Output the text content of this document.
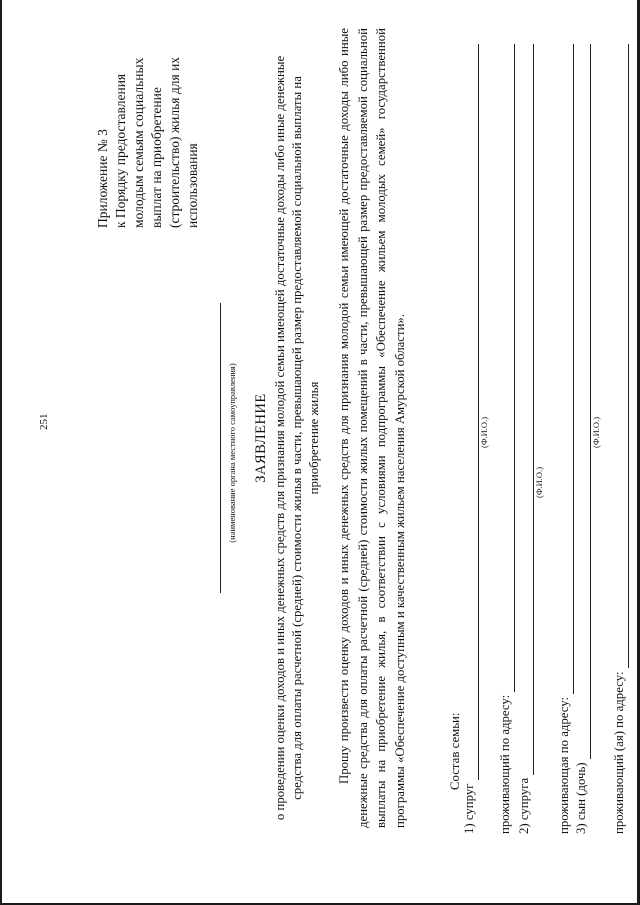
251
Приложение № 3 к Порядку предоставления молодым семьям социальных выплат на приобретение (строительство) жилья для их использования
(наименование органа местного самоуправления)	ЗАЯВЛЕНИЕ о проведении оценки доходов и иных денежных средств для признания молодой семьи имеющей достаточные доходы либо иные денежные средства для оплаты расчетной (средней) стоимости жилья в части, превышающей размер предоставляемой социальной выплаты на приобретение жилья Прошу произвести оценку доходов и иных денежных средств для признания молодой семьи имеющей достаточные доходы либо иные денежные средства для оплаты расчетной (средней) стоимости жилых помещений в части, превышающей размер предоставляемой социальной выплаты на приобретение жилья, в соответствии с условиями подпрограммы «Обеспечение жильем молодых семей» государственной программы «Обеспечение доступным и качественным жильем населения Амурской области».	Состав семьи:
1) супруг
(Ф.И.О.)
проживающий по адресу: 2) супруга
(Ф.И.О.)
проживающая по адресу: 3) сын (дочь)
(Ф.И.О.)
проживающий (ая) по адресу:
